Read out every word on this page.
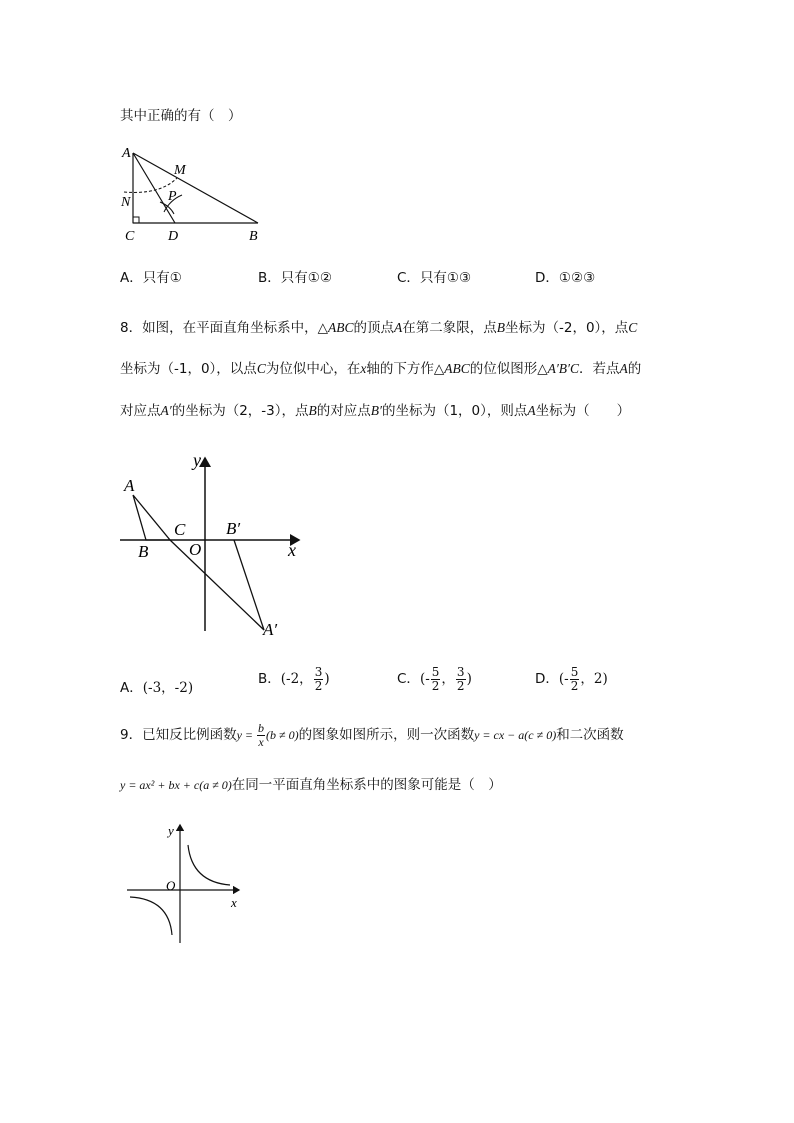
其中正确的有（　）
A
M
P
N
C D	B
A．只有①	B．只有①②	C．只有①③	D．①②③
8．如图，在平面直角坐标系中，△ABC的顶点A在第二象限，点B坐标为（-2，0），点C
坐标为（-1，0），以点C为位似中心，在x轴的下方作△ABC的位似图形△A′B′C．若点A的
对应点A′的坐标为（2，-3），点B的对应点B′的坐标为（1，0），则点A坐标为（　　）
y
x
A
B
C
O
B′
A′
A．(-3，-2)
B．(-2， $\frac{3}{2}$ )	C．(- $\frac{5}{2}$ ， $\frac{3}{2}$ )	D．(- $\frac{5}{2}$ ，2)
9．已知反比例函数$y = \frac{b}{x} (b \ne 0)$的图象如图所示，则一次函数y = cx − a(c ≠ 0)和二次函数
y = ax² + bx + c(a ≠ 0)在同一平面直角坐标系中的图象可能是（　）
y
O
x
